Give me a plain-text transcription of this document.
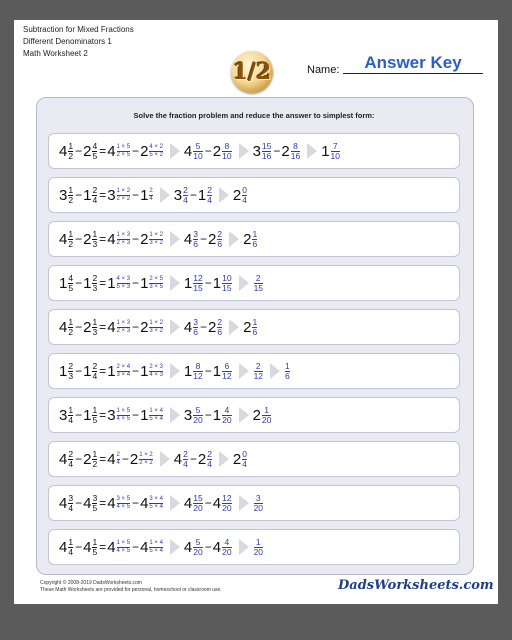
Subtraction for Mixed Fractions
Different Denominators 1
Math Worksheet 2
1/2	Name:	Answer Key
Solve the fraction problem and reduce the answer to simplest form:
$4 \frac{1}{2} - 2 \frac{4}{5} = 4 \frac{1 \times 5}{2 \times 5} - 2 \frac{4 \times 2}{5 \times 2} 4 \frac{5}{10} - 2 \frac{8}{10} 3 \frac{15}{16} - 2 \frac{8}{16} 1 \frac{7}{10}$
$3 \frac{1}{2} - 1 \frac{2}{4} = 3 \frac{1 \times 2}{2 \times 2} - 1 \frac{2}{4} 3 \frac{2}{4} - 1 \frac{2}{4} 2 \frac{0}{4}$
$4 \frac{1}{2} - 2 \frac{1}{3} = 4 \frac{1 \times 3}{2 \times 3} - 2 \frac{1 \times 2}{3 \times 2} 4 \frac{3}{6} - 2 \frac{2}{6} 2 \frac{1}{6}$
$1 \frac{4}{5} - 1 \frac{2}{3} = 1 \frac{4 \times 3}{5 \times 3} - 1 \frac{2 \times 5}{3 \times 5} 1 \frac{12}{15} - 1 \frac{10}{15}$	$\frac{2}{15}$
$4 \frac{1}{2} - 2 \frac{1}{3} = 4 \frac{1 \times 3}{2 \times 3} - 2 \frac{1 \times 2}{3 \times 2} 4 \frac{3}{6} - 2 \frac{2}{6} 2 \frac{1}{6}$
$1 \frac{2}{3} - 1 \frac{2}{4} = 1 \frac{2 \times 4}{3 \times 4} - 1 \frac{2 \times 3}{4 \times 3} 1 \frac{8}{12} - 1 \frac{6}{12}$	$\frac{2}{12}$	$\frac{1}{6}$
$3 \frac{1}{4} - 1 \frac{1}{5} = 3 \frac{1 \times 5}{4 \times 5} - 1 \frac{1 \times 4}{5 \times 4} 3 \frac{5}{20} - 1 \frac{4}{20} 2 \frac{1}{20}$
$4 \frac{2}{4} - 2 \frac{1}{2} = 4 \frac{2}{4} - 2 \frac{1 \times 2}{2 \times 2} 4 \frac{2}{4} - 2 \frac{2}{4} 2 \frac{0}{4}$
$4 \frac{3}{4} - 4 \frac{3}{5} = 4 \frac{3 \times 5}{4 \times 5} - 4 \frac{3 \times 4}{5 \times 4} 4 \frac{15}{20} - 4 \frac{12}{20}$	$\frac{3}{20}$
$4 \frac{1}{4} - 4 \frac{1}{5} = 4 \frac{1 \times 5}{4 \times 5} - 4 \frac{1 \times 4}{5 \times 4} 4 \frac{5}{20} - 4 \frac{4}{20}$	$\frac{1}{20}$
Copyright © 2008-2019 DadsWorksheets.com
These Math Worksheets are provided for personal, homeschool or classroom use.	DadsWorksheets.com
